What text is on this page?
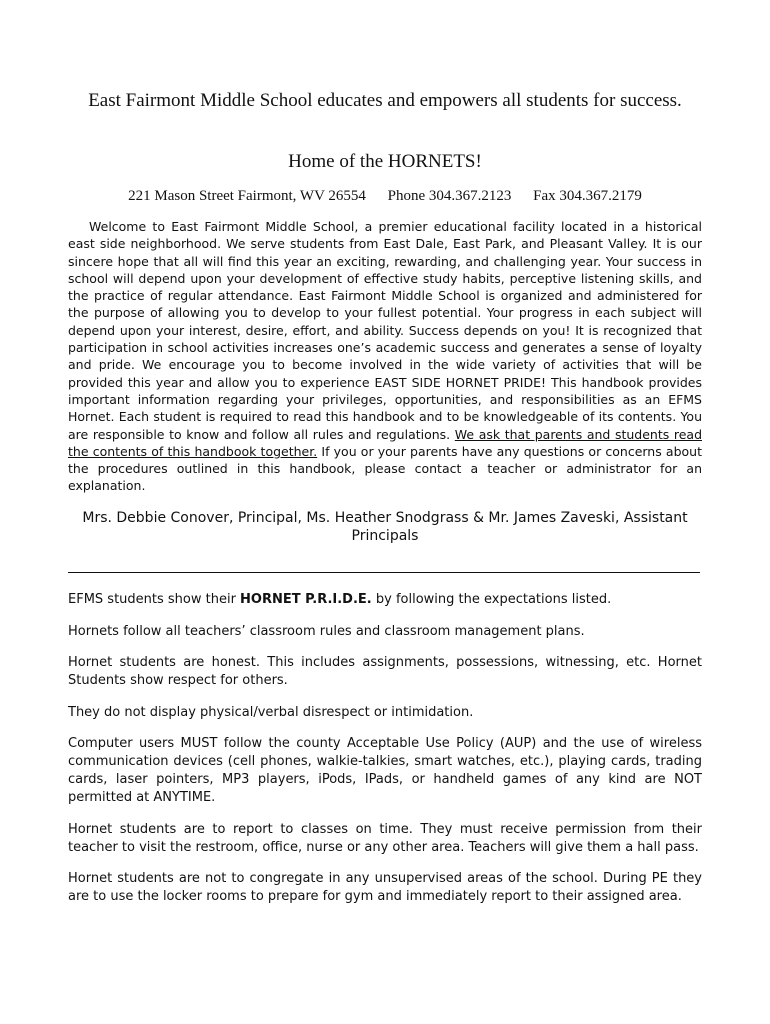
East Fairmont Middle School educates and empowers all students for success.
Home of the HORNETS!
221 Mason Street Fairmont, WV 26554 Phone 304.367.2123 Fax 304.367.2179

Welcome to East Fairmont Middle School, a premier educational facility located in a historical east side neighborhood. We serve students from East Dale, East Park, and Pleasant Valley. It is our sincere hope that all will find this year an exciting, rewarding, and challenging year. Your success in school will depend upon your development of effective study habits, perceptive listening skills, and the practice of regular attendance. East Fairmont Middle School is organized and administered for the purpose of allowing you to develop to your fullest potential. Your progress in each subject will depend upon your interest, desire, effort, and ability. Success depends on you! It is recognized that participation in school activities increases one’s academic success and generates a sense of loyalty and pride. We encourage you to become involved in the wide variety of activities that will be provided this year and allow you to experience EAST SIDE HORNET PRIDE! This handbook provides important information regarding your privileges, opportunities, and responsibilities as an EFMS Hornet. Each student is required to read this handbook and to be knowledgeable of its contents. You are responsible to know and follow all rules and regulations. We ask that parents and students read the contents of this handbook together. If you or your parents have any questions or concerns about the procedures outlined in this handbook, please contact a teacher or administrator for an explanation.

Mrs. Debbie Conover, Principal, Ms. Heather Snodgrass & Mr. James Zaveski, Assistant Principals

EFMS students show their HORNET P.R.I.D.E. by following the expectations listed.

Hornets follow all teachers’ classroom rules and classroom management plans.

Hornet students are honest. This includes assignments, possessions, witnessing, etc. Hornet Students show respect for others.

They do not display physical/verbal disrespect or intimidation.

Computer users MUST follow the county Acceptable Use Policy (AUP) and the use of wireless communication devices (cell phones, walkie-talkies, smart watches, etc.), playing cards, trading cards, laser pointers, MP3 players, iPods, IPads, or handheld games of any kind are NOT permitted at ANYTIME.

Hornet students are to report to classes on time. They must receive permission from their teacher to visit the restroom, office, nurse or any other area. Teachers will give them a hall pass.

Hornet students are not to congregate in any unsupervised areas of the school. During PE they are to use the locker rooms to prepare for gym and immediately report to their assigned area.
